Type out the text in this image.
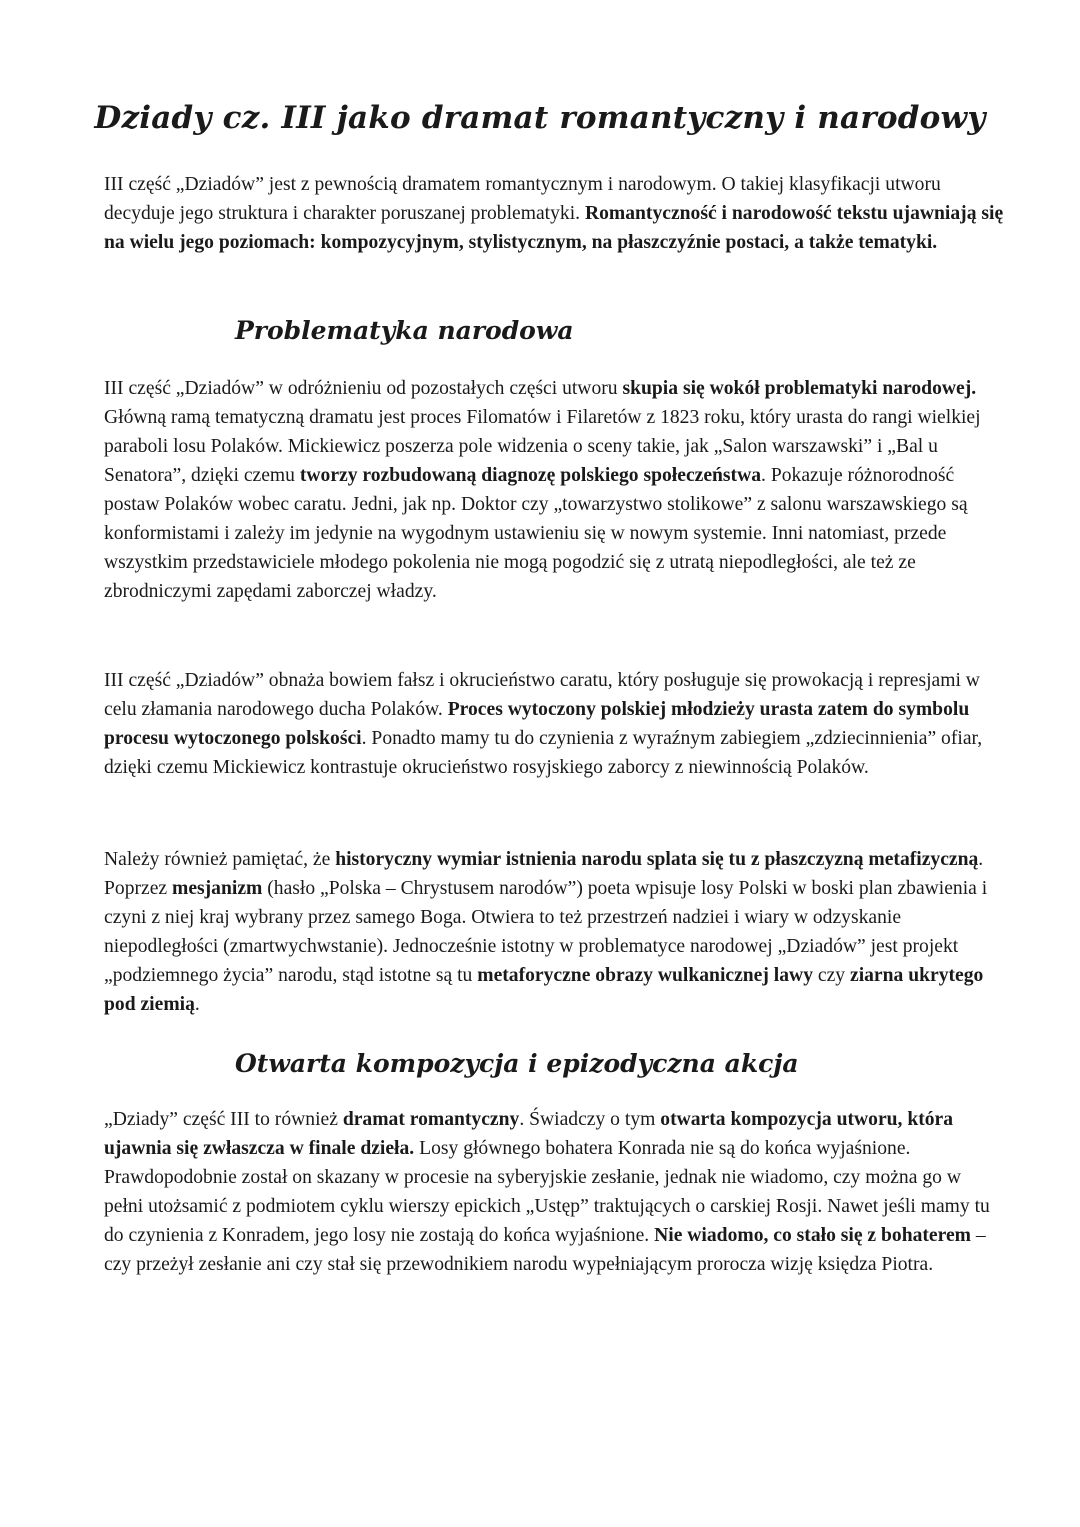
Dziady cz. III jako dramat romantyczny i narodowy

III część „Dziadów” jest z pewnością dramatem romantycznym i narodowym. O takiej klasyfikacji utworu decyduje jego struktura i charakter poruszanej problematyki. Romantyczność i narodowość tekstu ujawniają się na wielu jego poziomach: kompozycyjnym, stylistycznym, na płaszczyźnie postaci, a także tematyki.

Problematyka narodowa

III część „Dziadów” w odróżnieniu od pozostałych części utworu skupia się wokół problematyki narodowej. Główną ramą tematyczną dramatu jest proces Filomatów i Filaretów z 1823 roku, który urasta do rangi wielkiej paraboli losu Polaków. Mickiewicz poszerza pole widzenia o sceny takie, jak „Salon warszawski” i „Bal u Senatora”, dzięki czemu tworzy rozbudowaną diagnozę polskiego społeczeństwa. Pokazuje różnorodność postaw Polaków wobec caratu. Jedni, jak np. Doktor czy „towarzystwo stolikowe” z salonu warszawskiego są konformistami i zależy im jedynie na wygodnym ustawieniu się w nowym systemie. Inni natomiast, przede wszystkim przedstawiciele młodego pokolenia nie mogą pogodzić się z utratą niepodległości, ale też ze zbrodniczymi zapędami zaborczej władzy.

III część „Dziadów” obnaża bowiem fałsz i okrucieństwo caratu, który posługuje się prowokacją i represjami w celu złamania narodowego ducha Polaków. Proces wytoczony polskiej młodzieży urasta zatem do symbolu procesu wytoczonego polskości. Ponadto mamy tu do czynienia z wyraźnym zabiegiem „zdziecinnienia” ofiar, dzięki czemu Mickiewicz kontrastuje okrucieństwo rosyjskiego zaborcy z niewinnością Polaków.

Należy również pamiętać, że historyczny wymiar istnienia narodu splata się tu z płaszczyzną metafizyczną. Poprzez mesjanizm (hasło „Polska – Chrystusem narodów”) poeta wpisuje losy Polski w boski plan zbawienia i czyni z niej kraj wybrany przez samego Boga. Otwiera to też przestrzeń nadziei i wiary w odzyskanie niepodległości (zmartwychwstanie). Jednocześnie istotny w problematyce narodowej „Dziadów” jest projekt „podziemnego życia” narodu, stąd istotne są tu metaforyczne obrazy wulkanicznej lawy czy ziarna ukrytego pod ziemią.

Otwarta kompozycja i epizodyczna akcja

„Dziady” część III to również dramat romantyczny. Świadczy o tym otwarta kompozycja utworu, która ujawnia się zwłaszcza w finale dzieła. Losy głównego bohatera Konrada nie są do końca wyjaśnione. Prawdopodobnie został on skazany w procesie na syberyjskie zesłanie, jednak nie wiadomo, czy można go w pełni utożsamić z podmiotem cyklu wierszy epickich „Ustęp” traktujących o carskiej Rosji. Nawet jeśli mamy tu do czynienia z Konradem, jego losy nie zostają do końca wyjaśnione. Nie wiadomo, co stało się z bohaterem – czy przeżył zesłanie ani czy stał się przewodnikiem narodu wypełniającym prorocza wizję księdza Piotra.
